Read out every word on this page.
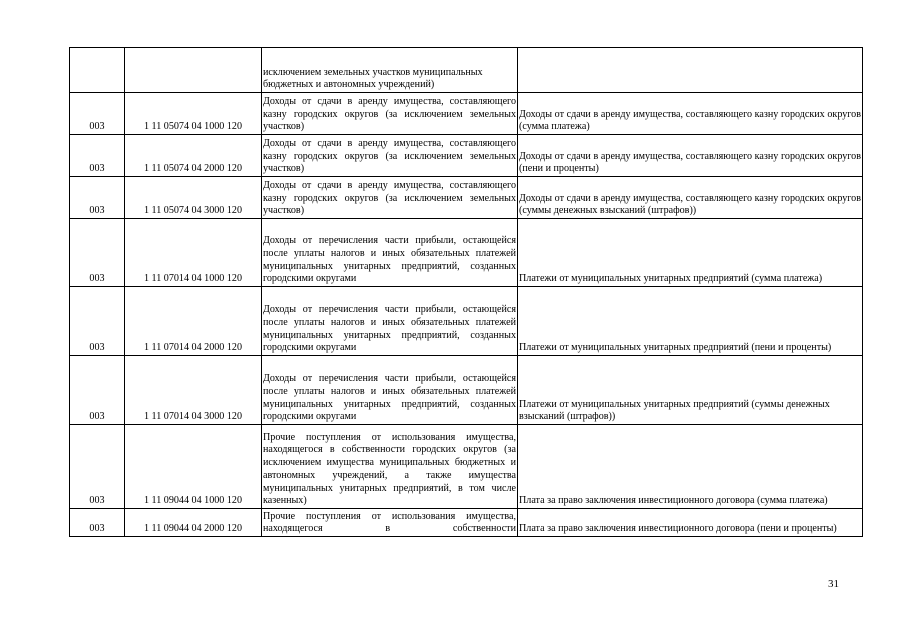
		исключением земельных участков муниципальных бюджетных и автономных учреждений)	
003	1 11 05074 04 1000 120	Доходы от сдачи в аренду имущества, составляющего казну городских округов (за исключением земельных участков)	Доходы от сдачи в аренду имущества, составляющего казну городских округов (сумма платежа)
003	1 11 05074 04 2000 120	Доходы от сдачи в аренду имущества, составляющего казну городских округов (за исключением земельных участков)	Доходы от сдачи в аренду имущества, составляющего казну городских округов (пени и проценты)
003	1 11 05074 04 3000 120	Доходы от сдачи в аренду имущества, составляющего казну городских округов (за исключением земельных участков)	Доходы от сдачи в аренду имущества, составляющего казну городских округов (суммы денежных взысканий (штрафов))
003	1 11 07014 04 1000 120	Доходы от перечисления части прибыли, остающейся после уплаты налогов и иных обязательных платежей муниципальных унитарных предприятий, созданных городскими округами	Платежи от муниципальных унитарных предприятий (сумма платежа)
003	1 11 07014 04 2000 120	Доходы от перечисления части прибыли, остающейся после уплаты налогов и иных обязательных платежей муниципальных унитарных предприятий, созданных городскими округами	Платежи от муниципальных унитарных предприятий (пени и проценты)
003	1 11 07014 04 3000 120	Доходы от перечисления части прибыли, остающейся после уплаты налогов и иных обязательных платежей муниципальных унитарных предприятий, созданных городскими округами	Платежи от муниципальных унитарных предприятий (суммы денежных взысканий (штрафов))
003	1 11 09044 04 1000 120	Прочие поступления от использования имущества, находящегося в собственности городских округов (за исключением имущества муниципальных бюджетных и автономных учреждений, а также имущества муниципальных унитарных предприятий, в том числе казенных)	Плата за право заключения инвестиционного договора (сумма платежа)
003	1 11 09044 04 2000 120	Прочие поступления от использования имущества, находящегося в собственности	Плата за право заключения инвестиционного договора (пени и проценты)
31
